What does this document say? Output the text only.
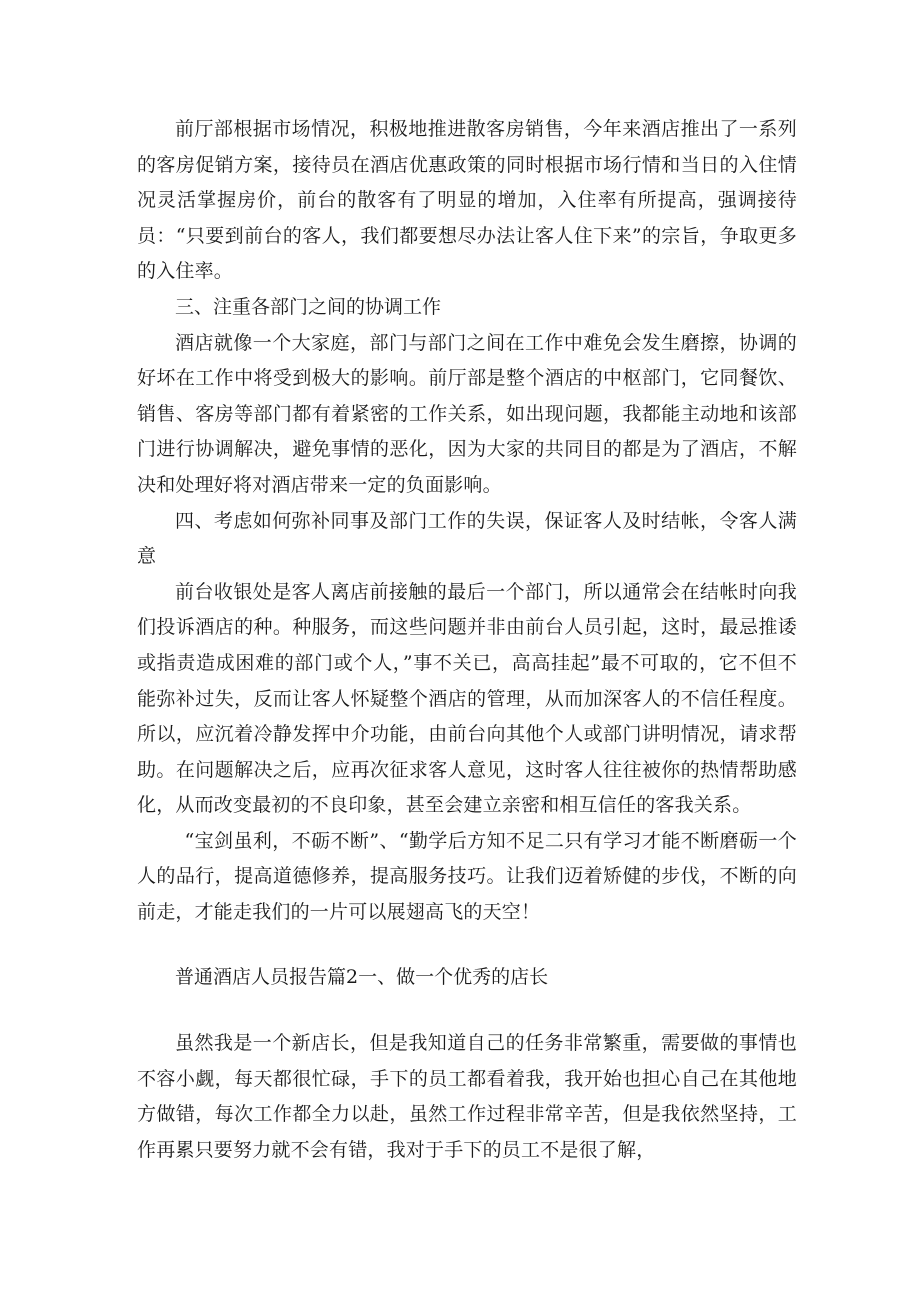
前厅部根据市场情况，积极地推进散客房销售，今年来酒店推出了一系列的客房促销方案，接待员在酒店优惠政策的同时根据市场行情和当日的入住情况灵活掌握房价，前台的散客有了明显的增加，入住率有所提高，强调接待员：“只要到前台的客人，我们都要想尽办法让客人住下来”的宗旨，争取更多的入住率。

三、注重各部门之间的协调工作

酒店就像一个大家庭，部门与部门之间在工作中难免会发生磨擦，协调的好坏在工作中将受到极大的影响。前厅部是整个酒店的中枢部门，它同餐饮、销售、客房等部门都有着紧密的工作关系，如出现问题，我都能主动地和该部门进行协调解决，避免事情的恶化，因为大家的共同目的都是为了酒店，不解决和处理好将对酒店带来一定的负面影响。

四、考虑如何弥补同事及部门工作的失误，保证客人及时结帐，令客人满意

前台收银处是客人离店前接触的最后一个部门，所以通常会在结帐时向我们投诉酒店的种。种服务，而这些问题并非由前台人员引起，这时，最忌推诿或指责造成困难的部门或个人，”事不关已，高高挂起”最不可取的，它不但不能弥补过失，反而让客人怀疑整个酒店的管理，从而加深客人的不信任程度。所以，应沉着冷静发挥中介功能，由前台向其他个人或部门讲明情况，请求帮助。在问题解决之后，应再次征求客人意见，这时客人往往被你的热情帮助感化，从而改变最初的不良印象，甚至会建立亲密和相互信任的客我关系。

“宝剑虽利，不砺不断”、“勤学后方知不足二只有学习才能不断磨砺一个人的品行，提高道德修养，提高服务技巧。让我们迈着矫健的步伐，不断的向前走，才能走我们的一片可以展翅高飞的天空！

普通酒店人员报告篇2一、做一个优秀的店长

虽然我是一个新店长，但是我知道自己的任务非常繁重，需要做的事情也不容小觑，每天都很忙碌，手下的员工都看着我，我开始也担心自己在其他地方做错，每次工作都全力以赴，虽然工作过程非常辛苦，但是我依然坚持，工作再累只要努力就不会有错，我对于手下的员工不是很了解，
